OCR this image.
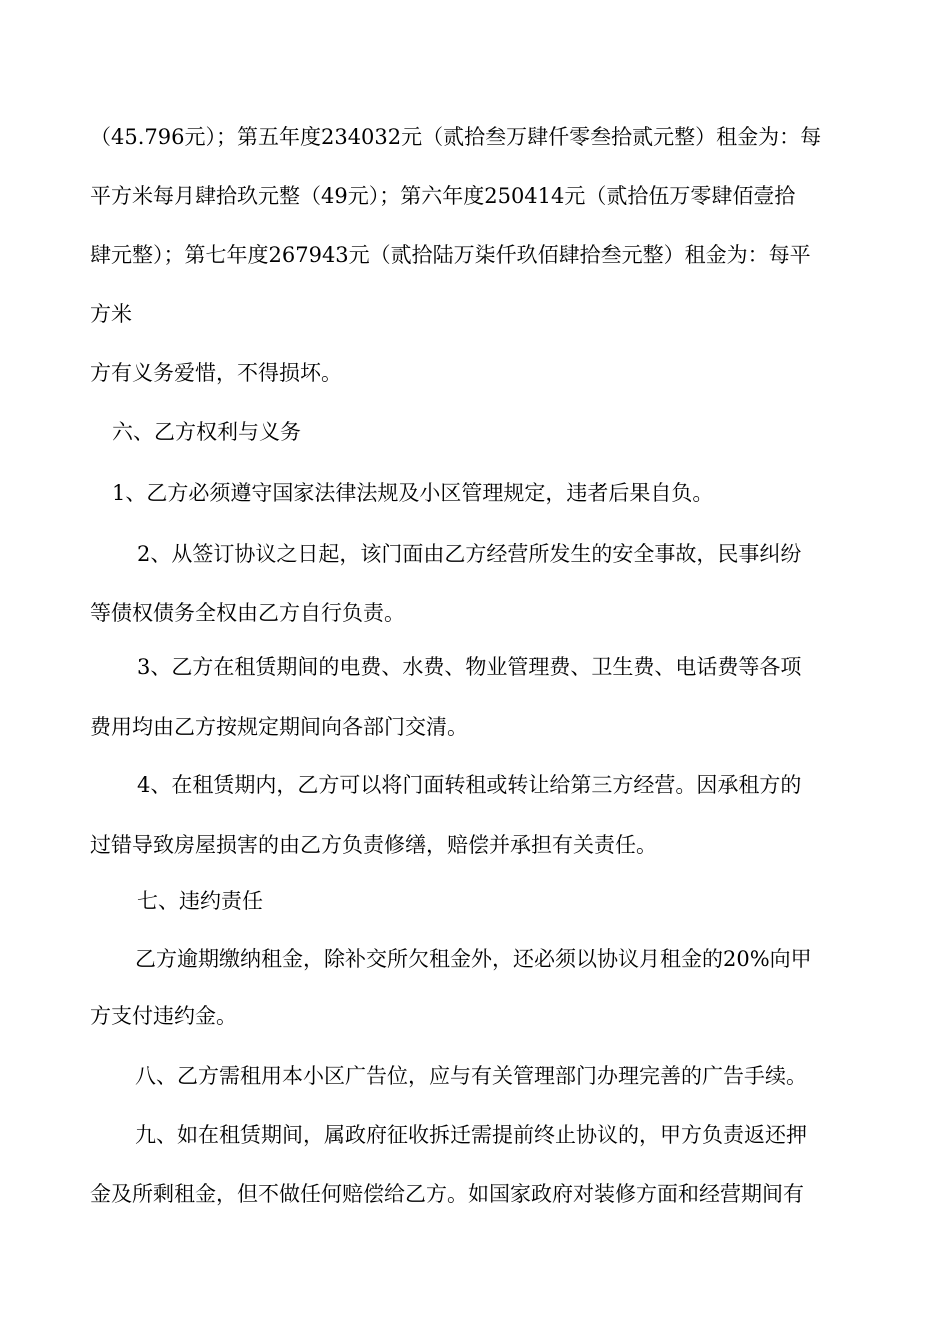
（45.796元）；第五年度234032元（贰拾叁万肆仟零叁拾贰元整）租金为：每
平方米每月肆拾玖元整（49元）；第六年度250414元（贰拾伍万零肆佰壹拾
肆元整）；第七年度267943元（贰拾陆万柒仟玖佰肆拾叁元整）租金为：每平
方米
方有义务爱惜，不得损坏。
六、乙方权利与义务
1、乙方必须遵守国家法律法规及小区管理规定，违者后果自负。
2、从签订协议之日起，该门面由乙方经营所发生的安全事故，民事纠纷
等债权债务全权由乙方自行负责。
3、乙方在租赁期间的电费、水费、物业管理费、卫生费、电话费等各项
费用均由乙方按规定期间向各部门交清。
4、在租赁期内，乙方可以将门面转租或转让给第三方经营。因承租方的
过错导致房屋损害的由乙方负责修缮，赔偿并承担有关责任。
七、违约责任
乙方逾期缴纳租金，除补交所欠租金外，还必须以协议月租金的20%向甲
方支付违约金。
八、乙方需租用本小区广告位，应与有关管理部门办理完善的广告手续。
九、如在租赁期间，属政府征收拆迁需提前终止协议的，甲方负责返还押
金及所剩租金，但不做任何赔偿给乙方。如国家政府对装修方面和经营期间有
